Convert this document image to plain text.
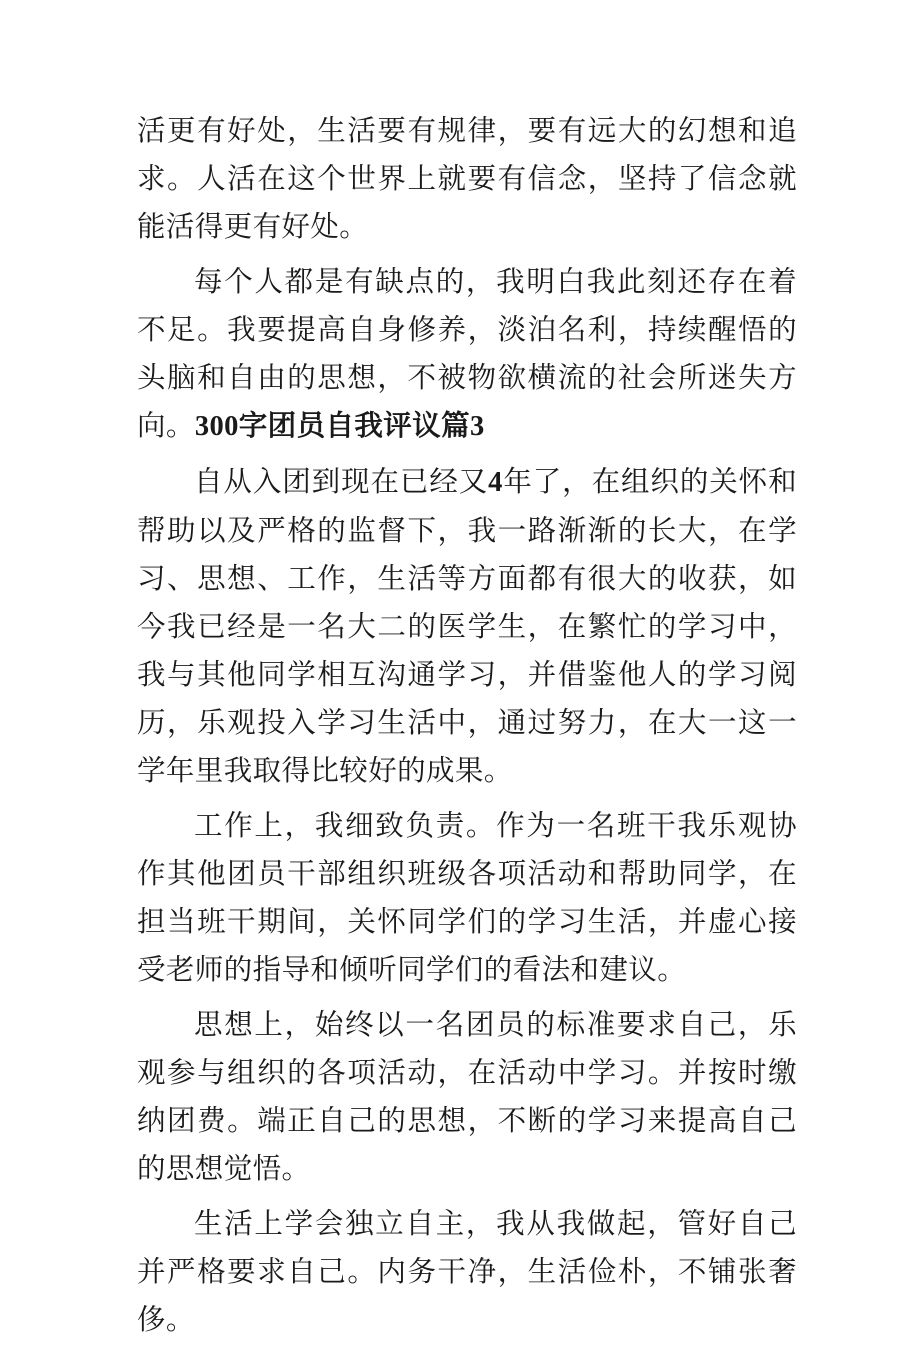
活更有好处，生活要有规律，要有远大的幻想和追求。人活在这个世界上就要有信念，坚持了信念就能活得更有好处。

每个人都是有缺点的，我明白我此刻还存在着不足。我要提高自身修养，淡泊名利，持续醒悟的头脑和自由的思想，不被物欲横流的社会所迷失方向。300字团员自我评议篇3

自从入团到现在已经又4年了，在组织的关怀和帮助以及严格的监督下，我一路渐渐的长大，在学习、思想、工作，生活等方面都有很大的收获，如今我已经是一名大二的医学生，在繁忙的学习中，我与其他同学相互沟通学习，并借鉴他人的学习阅历，乐观投入学习生活中，通过努力，在大一这一学年里我取得比较好的成果。

工作上，我细致负责。作为一名班干我乐观协作其他团员干部组织班级各项活动和帮助同学，在担当班干期间，关怀同学们的学习生活，并虚心接受老师的指导和倾听同学们的看法和建议。

思想上，始终以一名团员的标准要求自己，乐观参与组织的各项活动，在活动中学习。并按时缴纳团费。端正自己的思想，不断的学习来提高自己的思想觉悟。

生活上学会独立自主，我从我做起，管好自己并严格要求自己。内务干净，生活俭朴，不铺张奢侈。
